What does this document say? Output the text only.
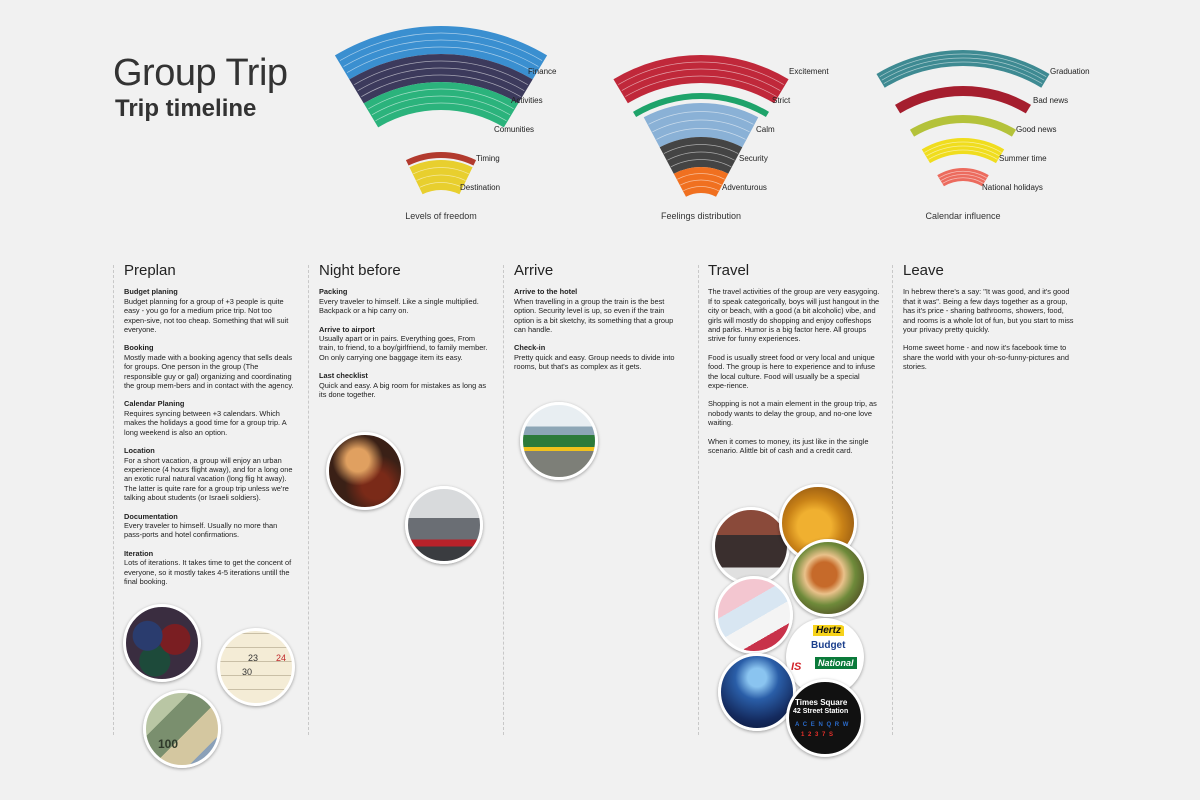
Group Trip
Trip timeline
Finance
Activities
Comunities
Timing
Destination
Levels of freedom
Excitement
Strict
Calm
Security
Adventurous
Feelings distribution
Graduation
Bad news
Good news
Summer time
National holidays
Calendar influence
Preplan
Budget planing
Budget planning for a group of +3 people is quite easy - you go for a medium price trip. Not too expen-sive, not too cheap. Something that will suit everyone.
Booking
Mostly made with a booking agency that sells deals for groups. One person in the group (The responsible guy or gal) organizing and coordinating the group mem-bers and in contact with the agency.
Calendar Planing
Requires syncing between +3 calendars. Which makes the holidays a good time for a group trip. A long weekend is also an option.
Location
For a short vacation, a group will enjoy an urban experience (4 hours flight away), and for a long one an exotic rural natural vacation (long flig ht away). The latter is quite rare for a group trip unless we're talking about students (or Israeli soldiers).
Documentation
Every traveler to himself. Usually no more than pass-ports and hotel confirmations.
Iteration
Lots of iterations. It takes time to get the concent of everyone, so it mostly takes 4-5 iterations untill the final booking.
Night before
Packing
Every traveler to himself. Like a single multiplied. Backpack or a hip carry on.
Arrive to airport
Usually apart or in pairs. Everything goes, From train, to friend, to a boy/girlfriend, to family member. On only carrying one baggage item its easy.
Last checklist
Quick and easy. A big room for mistakes as long as its done together.
Arrive
Arrive to the hotel
When travelling in a group the train is the best option. Security level is up, so even if the train option is a bit sketchy, its something that a group can handle.
Check-in
Pretty quick and easy. Group needs to divide into rooms, but that's as complex as it gets.
Travel
The travel activities of the group are very easygoing. If to speak categorically, boys will just hangout in the city or beach, with a good (a bit alcoholic) vibe, and girls will mostly do shopping and enjoy coffeshops and parks. Humor is a big factor here. All groups strive for funny experiences.
Food is usually street food or very local and unique food. The group is here to experience and to infuse the local culture. Food will usually be a special expe-rience.
Shopping is not a main element in the group trip, as nobody wants to delay the group, and no-one love waiting.
When it comes to money, its just like in the single scenario. Alittle bit of cash and a credit card.
Leave
In hebrew there's a say: "It was good, and it's good that it was". Being a few days together as a group, has it's price - sharing bathrooms, showers, food, and rooms is a whole lot of fun, but you start to miss your privacy pretty quickly.
Home sweet home - and now it's facebook time to share the world with your oh-so-funny-pictures and stories.
23
30
24
100
Hertz
Budget
National
IS
Times Square
42 Street Station
A C E N Q R W
1 2 3 7 S
